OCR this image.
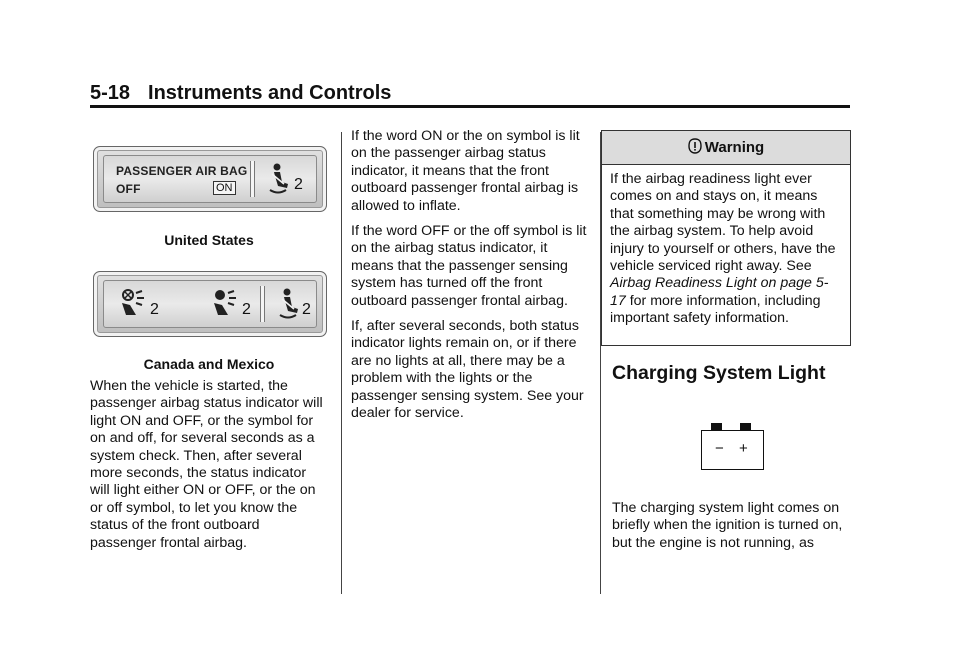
5-18 Instruments and Controls
PASSENGER AIR BAG
OFF	ON	2
United States
2	2	2
Canada and Mexico

When the vehicle is started, the passenger airbag status indicator will light ON and OFF, or the symbol for on and off, for several seconds as a system check. Then, after several more seconds, the status indicator will light either ON or OFF, or the on or off symbol, to let you know the status of the front outboard passenger frontal airbag.

If the word ON or the on symbol is lit on the passenger airbag status indicator, it means that the front outboard passenger frontal airbag is allowed to inflate.

If the word OFF or the off symbol is lit on the airbag status indicator, it means that the passenger sensing system has turned off the front outboard passenger frontal airbag.

If, after several seconds, both status indicator lights remain on, or if there are no lights at all, there may be a problem with the lights or the passenger sensing system. See your dealer for service.

Warning
If the airbag readiness light ever comes on and stays on, it means that something may be wrong with the airbag system. To help avoid injury to yourself or others, have the vehicle serviced right away. See Airbag Readiness Light on page 5-17 for more information, including important safety information.
Charging System Light
− +

The charging system light comes on briefly when the ignition is turned on, but the engine is not running, as
